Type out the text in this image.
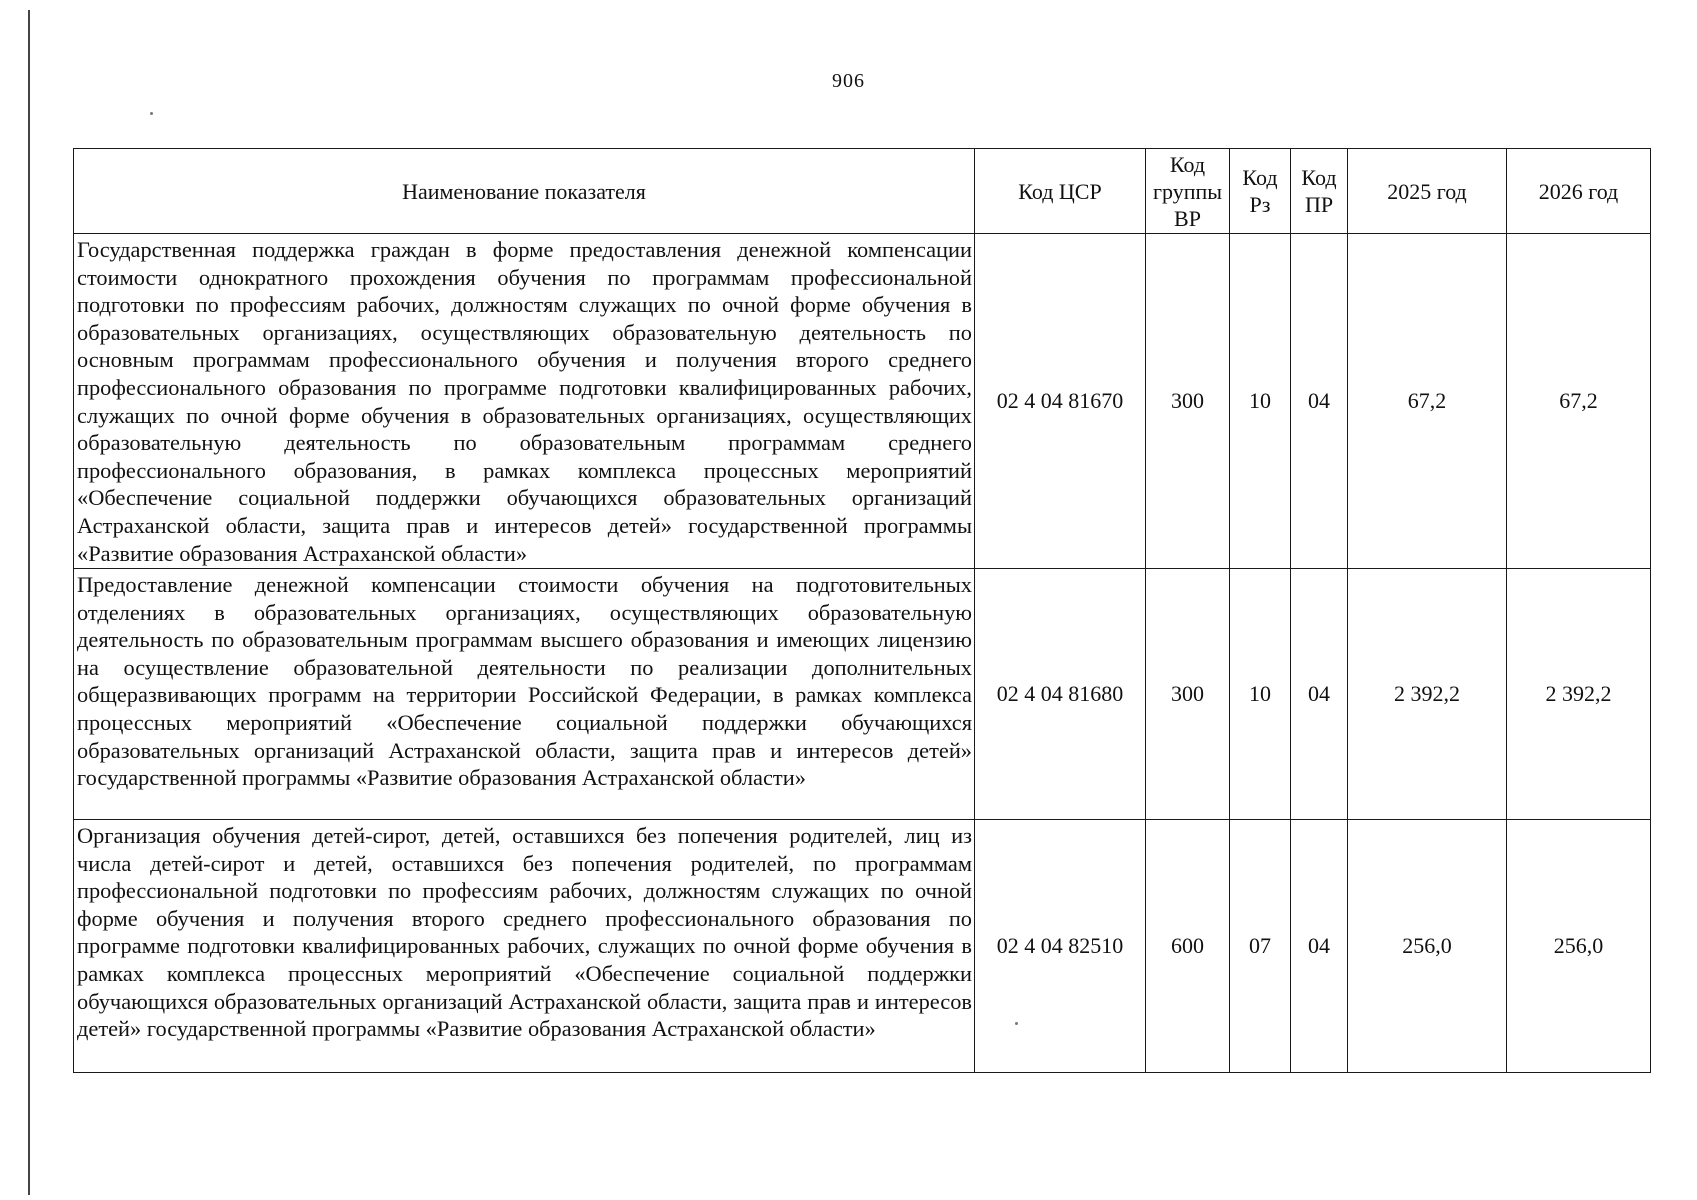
906
Наименование показателя	Код ЦСР	Код группы ВР	Код Рз	Код ПР	2025 год	2026 год
Государственная поддержка граждан в форме предоставления денежной компенсации стоимости однократного прохождения обучения по программам профессиональной подготовки по профессиям рабочих, должностям служащих по очной форме обучения в образовательных организациях, осуществляющих образовательную деятельность по основным программам профессионального обучения и получения второго среднего профессионального образования по программе подготовки квалифицированных рабочих, служащих по очной форме обучения в образовательных организациях, осуществляющих образовательную деятельность по образовательным программам среднего профессионального образования, в рамках комплекса процессных мероприятий «Обеспечение социальной поддержки обучающихся образовательных организаций Астраханской области, защита прав и интересов детей» государственной программы «Развитие образования Астраханской области»	02 4 04 81670	300	10	04	67,2	67,2
Предоставление денежной компенсации стоимости обучения на подготовительных отделениях в образовательных организациях, осуществляющих образовательную деятельность по образовательным программам высшего образования и имеющих лицензию на осуществление образовательной деятельности по реализации дополнительных общеразвивающих программ на территории Российской Федерации, в рамках комплекса процессных мероприятий «Обеспечение социальной поддержки обучающихся образовательных организаций Астраханской области, защита прав и интересов детей» государственной программы «Развитие образования Астраханской области»	02 4 04 81680	300	10	04	2 392,2	2 392,2
Организация обучения детей-сирот, детей, оставшихся без попечения родителей, лиц из числа детей-сирот и детей, оставшихся без попечения родителей, по программам профессиональной подготовки по профессиям рабочих, должностям служащих по очной форме обучения и получения второго среднего профессионального образования по программе подготовки квалифицированных рабочих, служащих по очной форме обучения в рамках комплекса процессных мероприятий «Обеспечение социальной поддержки обучающихся образовательных организаций Астраханской области, защита прав и интересов детей» государственной программы «Развитие образования Астраханской области»	02 4 04 82510	600	07	04	256,0	256,0
